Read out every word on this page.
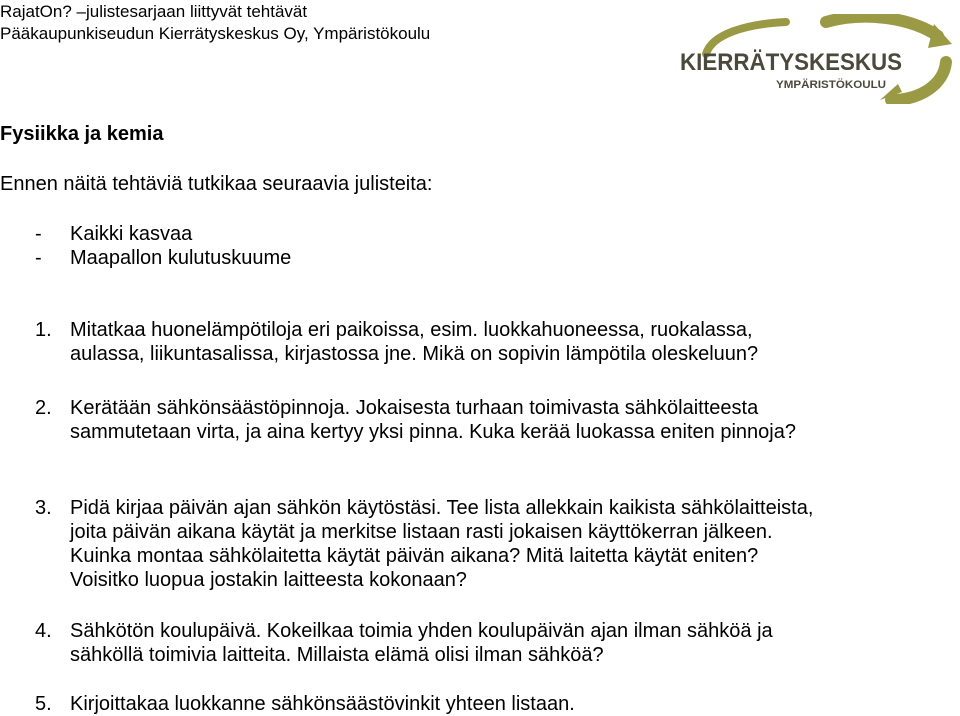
RajatOn? –julistesarjaan liittyvät tehtävät
Pääkaupunkiseudun Kierrätyskeskus Oy, Ympäristökoulu
KIERRÄTYSKESKUS
YMPÄRISTÖKOULU
Fysiikka ja kemia
Ennen näitä tehtäviä tutkikaa seuraavia julisteita:
- Kaikki kasvaa
- Maapallon kulutuskuume
1. Mitatkaa huonelämpötiloja eri paikoissa, esim. luokkahuoneessa, ruokalassa, aulassa, liikuntasalissa, kirjastossa jne. Mikä on sopivin lämpötila oleskeluun?
2. Kerätään sähkönsäästöpinnoja. Jokaisesta turhaan toimivasta sähkölaitteesta sammutetaan virta, ja aina kertyy yksi pinna. Kuka kerää luokassa eniten pinnoja?
3. Pidä kirjaa päivän ajan sähkön käytöstäsi. Tee lista allekkain kaikista sähkölaitteista, joita päivän aikana käytät ja merkitse listaan rasti jokaisen käyttökerran jälkeen. Kuinka montaa sähkölaitetta käytät päivän aikana? Mitä laitetta käytät eniten? Voisitko luopua jostakin laitteesta kokonaan?
4. Sähkötön koulupäivä. Kokeilkaa toimia yhden koulupäivän ajan ilman sähköä ja sähköllä toimivia laitteita. Millaista elämä olisi ilman sähköä?
5. Kirjoittakaa luokkanne sähkönsäästövinkit yhteen listaan.
